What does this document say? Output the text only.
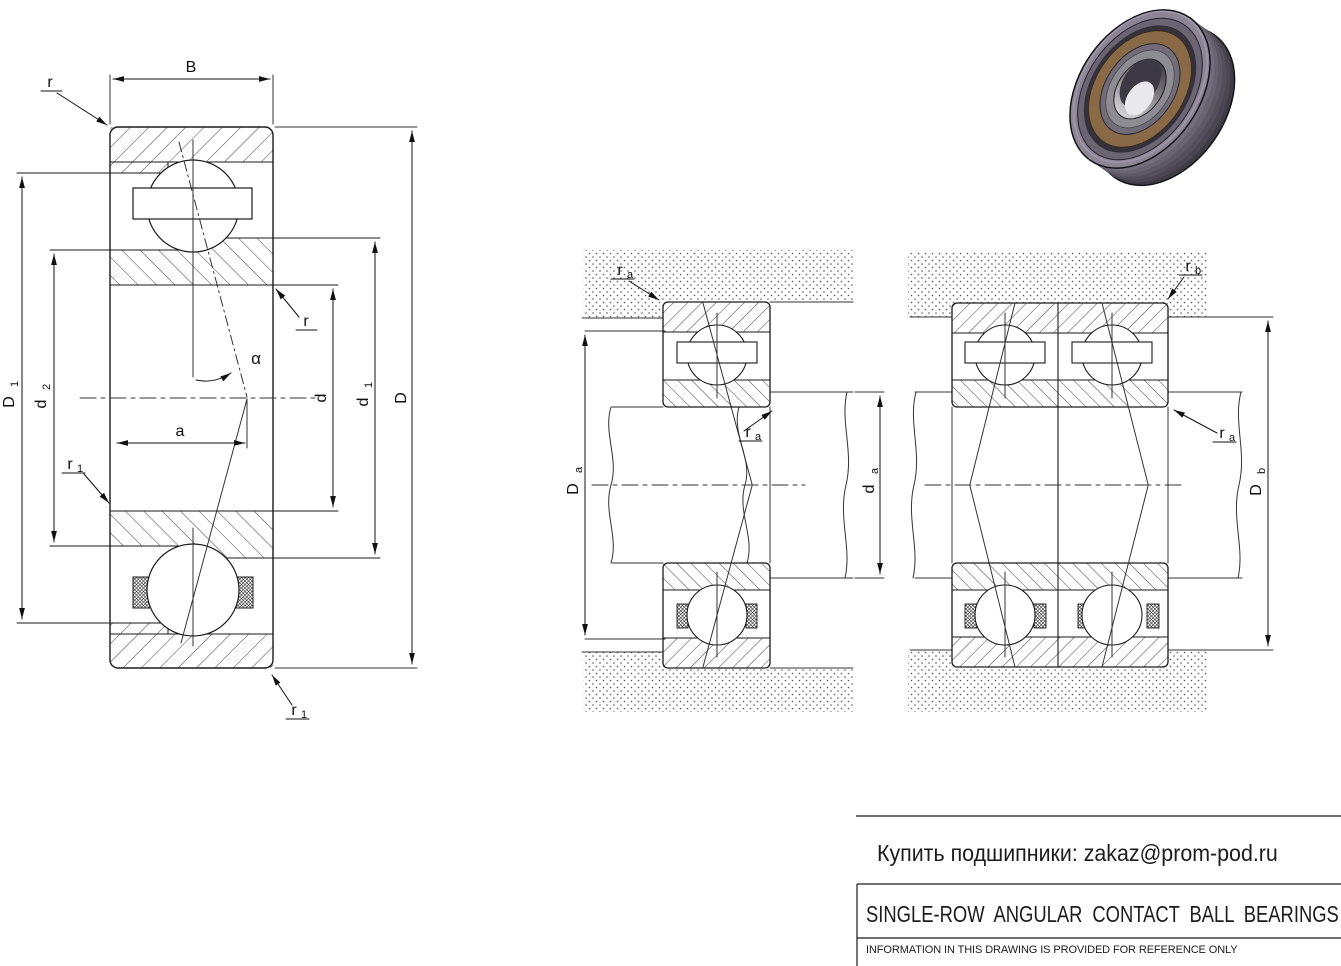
B
r
r
r 1
r 1
D
1
d
2
a
α
d d
1
D
r a
r a
D
a
d
a
r b
r a
D
b
Купить подшипники: zakaz@prom-pod.ru
SINGLE-ROW ANGULAR CONTACT BALL BEARINGS
INFORMATION IN THIS DRAWING IS PROVIDED FOR REFERENCE ONLY
